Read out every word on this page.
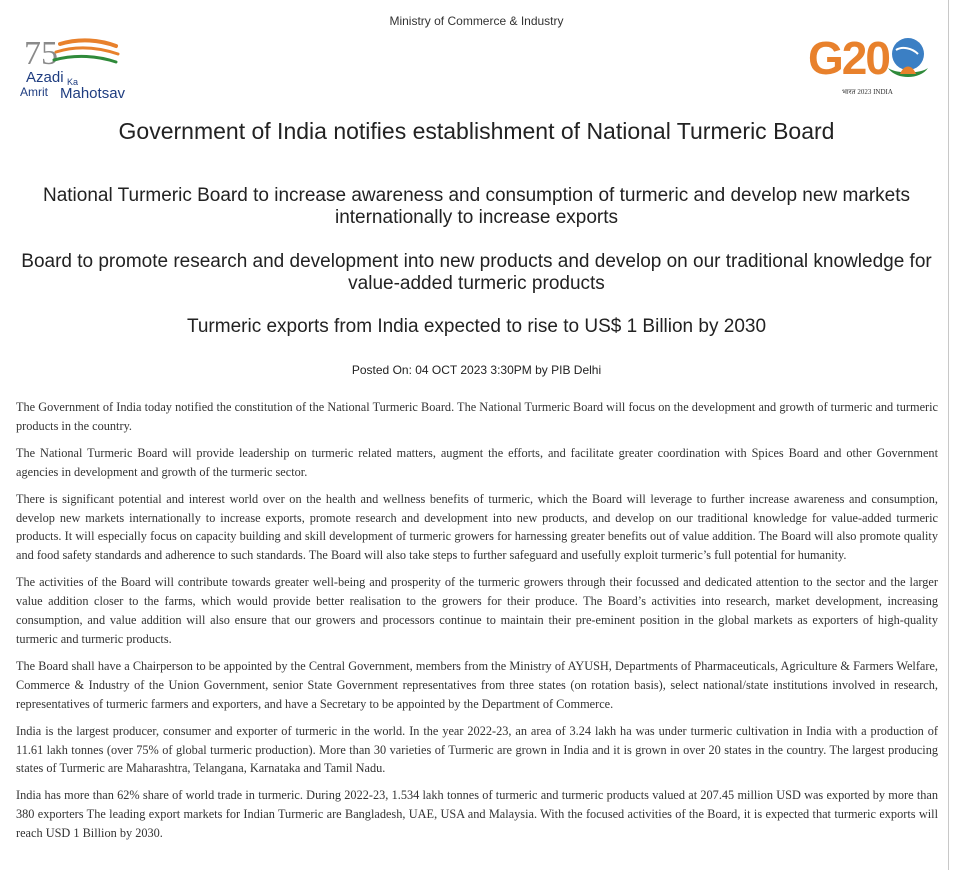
Ministry of Commerce & Industry
75
Azadi Ka
Amrit Mahotsav
G20
भारत 2023 INDIA
Government of India notifies establishment of National Turmeric Board
National Turmeric Board to increase awareness and consumption of turmeric and develop new markets internationally to increase exports
Board to promote research and development into new products and develop on our traditional knowledge for value-added turmeric products
Turmeric exports from India expected to rise to US$ 1 Billion by 2030
Posted On: 04 OCT 2023 3:30PM by PIB Delhi

The Government of India today notified the constitution of the National Turmeric Board. The National Turmeric Board will focus on the development and growth of turmeric and turmeric products in the country.

The National Turmeric Board will provide leadership on turmeric related matters, augment the efforts, and facilitate greater coordination with Spices Board and other Government agencies in development and growth of the turmeric sector.

There is significant potential and interest world over on the health and wellness benefits of turmeric, which the Board will leverage to further increase awareness and consumption, develop new markets internationally to increase exports, promote research and development into new products, and develop on our traditional knowledge for value-added turmeric products. It will especially focus on capacity building and skill development of turmeric growers for harnessing greater benefits out of value addition. The Board will also promote quality and food safety standards and adherence to such standards. The Board will also take steps to further safeguard and usefully exploit turmeric’s full potential for humanity.

The activities of the Board will contribute towards greater well-being and prosperity of the turmeric growers through their focussed and dedicated attention to the sector and the larger value addition closer to the farms, which would provide better realisation to the growers for their produce. The Board’s activities into research, market development, increasing consumption, and value addition will also ensure that our growers and processors continue to maintain their pre-eminent position in the global markets as exporters of high-quality turmeric and turmeric products.

The Board shall have a Chairperson to be appointed by the Central Government, members from the Ministry of AYUSH, Departments of Pharmaceuticals, Agriculture & Farmers Welfare, Commerce & Industry of the Union Government, senior State Government representatives from three states (on rotation basis), select national/state institutions involved in research, representatives of turmeric farmers and exporters, and have a Secretary to be appointed by the Department of Commerce.

India is the largest producer, consumer and exporter of turmeric in the world. In the year 2022-23, an area of 3.24 lakh ha was under turmeric cultivation in India with a production of 11.61 lakh tonnes (over 75% of global turmeric production). More than 30 varieties of Turmeric are grown in India and it is grown in over 20 states in the country. The largest producing states of Turmeric are Maharashtra, Telangana, Karnataka and Tamil Nadu.

India has more than 62% share of world trade in turmeric. During 2022-23, 1.534 lakh tonnes of turmeric and turmeric products valued at 207.45 million USD was exported by more than 380 exporters The leading export markets for Indian Turmeric are Bangladesh, UAE, USA and Malaysia. With the focused activities of the Board, it is expected that turmeric exports will reach USD 1 Billion by 2030.
